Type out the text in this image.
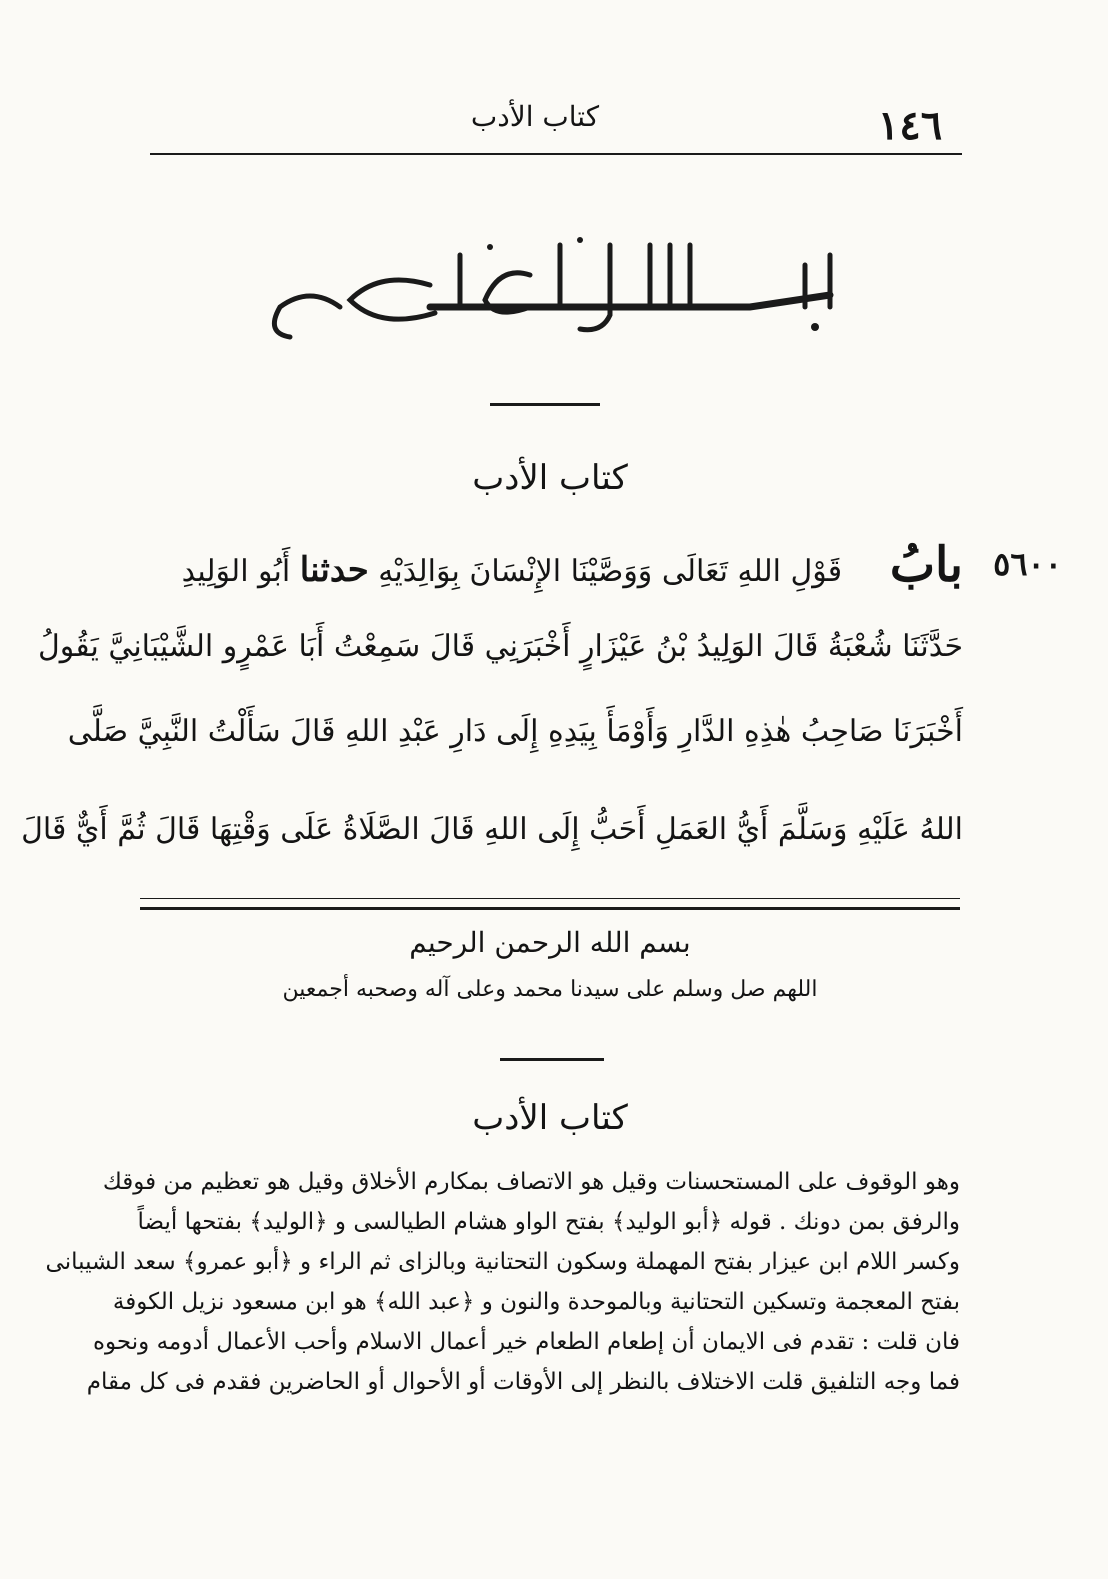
كتاب الأدب	١٤٦
بسم الله الرحمن الرحيم
كتاب الأدب
٥٦٠٠
بابُ     قَوْلِ اللهِ تَعَالَى وَوَصَّيْنَا الإِنْسَانَ بِوَالِدَيْهِ حدثنا أَبُو الوَلِيدِ
حَدَّثَنَا شُعْبَةُ قَالَ الوَلِيدُ بْنُ عَيْزَارٍ أَخْبَرَنِي قَالَ سَمِعْتُ أَبَا عَمْرٍو الشَّيْبَانِيَّ يَقُولُ
أَخْبَرَنَا صَاحِبُ هٰذِهِ الدَّارِ وَأَوْمَأَ بِيَدِهِ إِلَى دَارِ عَبْدِ اللهِ قَالَ سَأَلْتُ النَّبِيَّ صَلَّى
اللهُ عَلَيْهِ وَسَلَّمَ أَيُّ العَمَلِ أَحَبُّ إِلَى اللهِ قَالَ الصَّلَاةُ عَلَى وَقْتِهَا قَالَ ثُمَّ أَيٌّ قَالَ
بسم الله الرحمن الرحيم
اللهم صل وسلم على سيدنا محمد وعلى آله وصحبه أجمعين
كتاب الأدب
وهو الوقوف على المستحسنات وقيل هو الاتصاف بمكارم الأخلاق وقيل هو تعظيم من فوقك
والرفق بمن دونك . قوله ﴿أبو الوليد﴾ بفتح الواو هشام الطيالسى و ﴿الوليد﴾ بفتحها أيضاً
وكسر اللام ابن عيزار بفتح المهملة وسكون التحتانية وبالزاى ثم الراء و ﴿أبو عمرو﴾ سعد الشيبانى
بفتح المعجمة وتسكين التحتانية وبالموحدة والنون و ﴿عبد الله﴾ هو ابن مسعود نزيل الكوفة
فان قلت : تقدم فى الايمان أن إطعام الطعام خير أعمال الاسلام وأحب الأعمال أدومه ونحوه
فما وجه التلفيق قلت الاختلاف بالنظر إلى الأوقات أو الأحوال أو الحاضرين فقدم فى كل مقام
